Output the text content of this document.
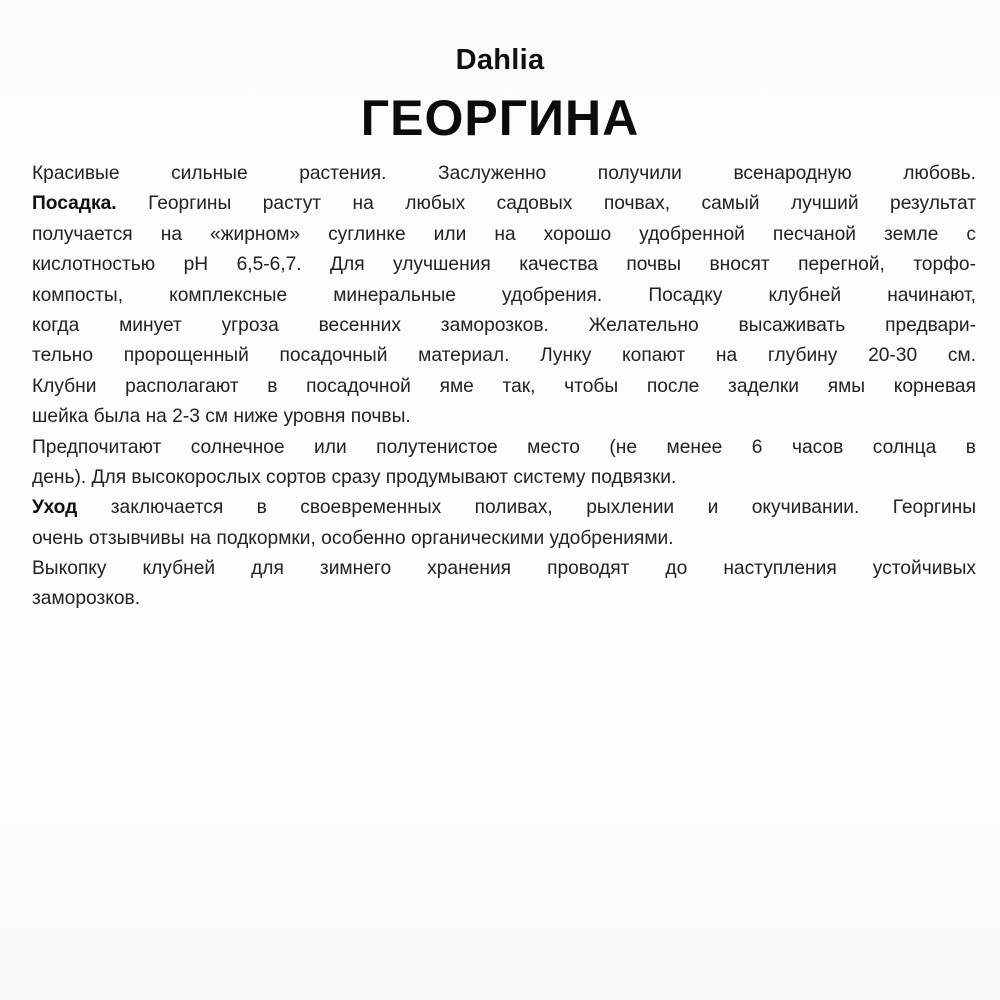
Dahlia
ГЕОРГИНА
Красивые сильные растения. Заслуженно получили всенародную любовь.
Посадка. Георгины растут на любых садовых почвах, самый лучший результат
получается на «жирном» суглинке или на хорошо удобренной песчаной земле с
кислотностью pH 6,5-6,7. Для улучшения качества почвы вносят перегной, торфо-
компосты, комплексные минеральные удобрения. Посадку клубней начинают,
когда минует угроза весенних заморозков. Желательно высаживать предвари-
тельно пророщенный посадочный материал. Лунку копают на глубину 20-30 см.
Клубни располагают в посадочной яме так, чтобы после заделки ямы корневая
шейка была на 2-3 см ниже уровня почвы.
Предпочитают солнечное или полутенистое место (не менее 6 часов солнца в
день). Для высокорослых сортов сразу продумывают систему подвязки.
Уход заключается в своевременных поливах, рыхлении и окучивании. Георгины
очень отзывчивы на подкормки, особенно органическими удобрениями.
Выкопку клубней для зимнего хранения проводят до наступления устойчивых
заморозков.
